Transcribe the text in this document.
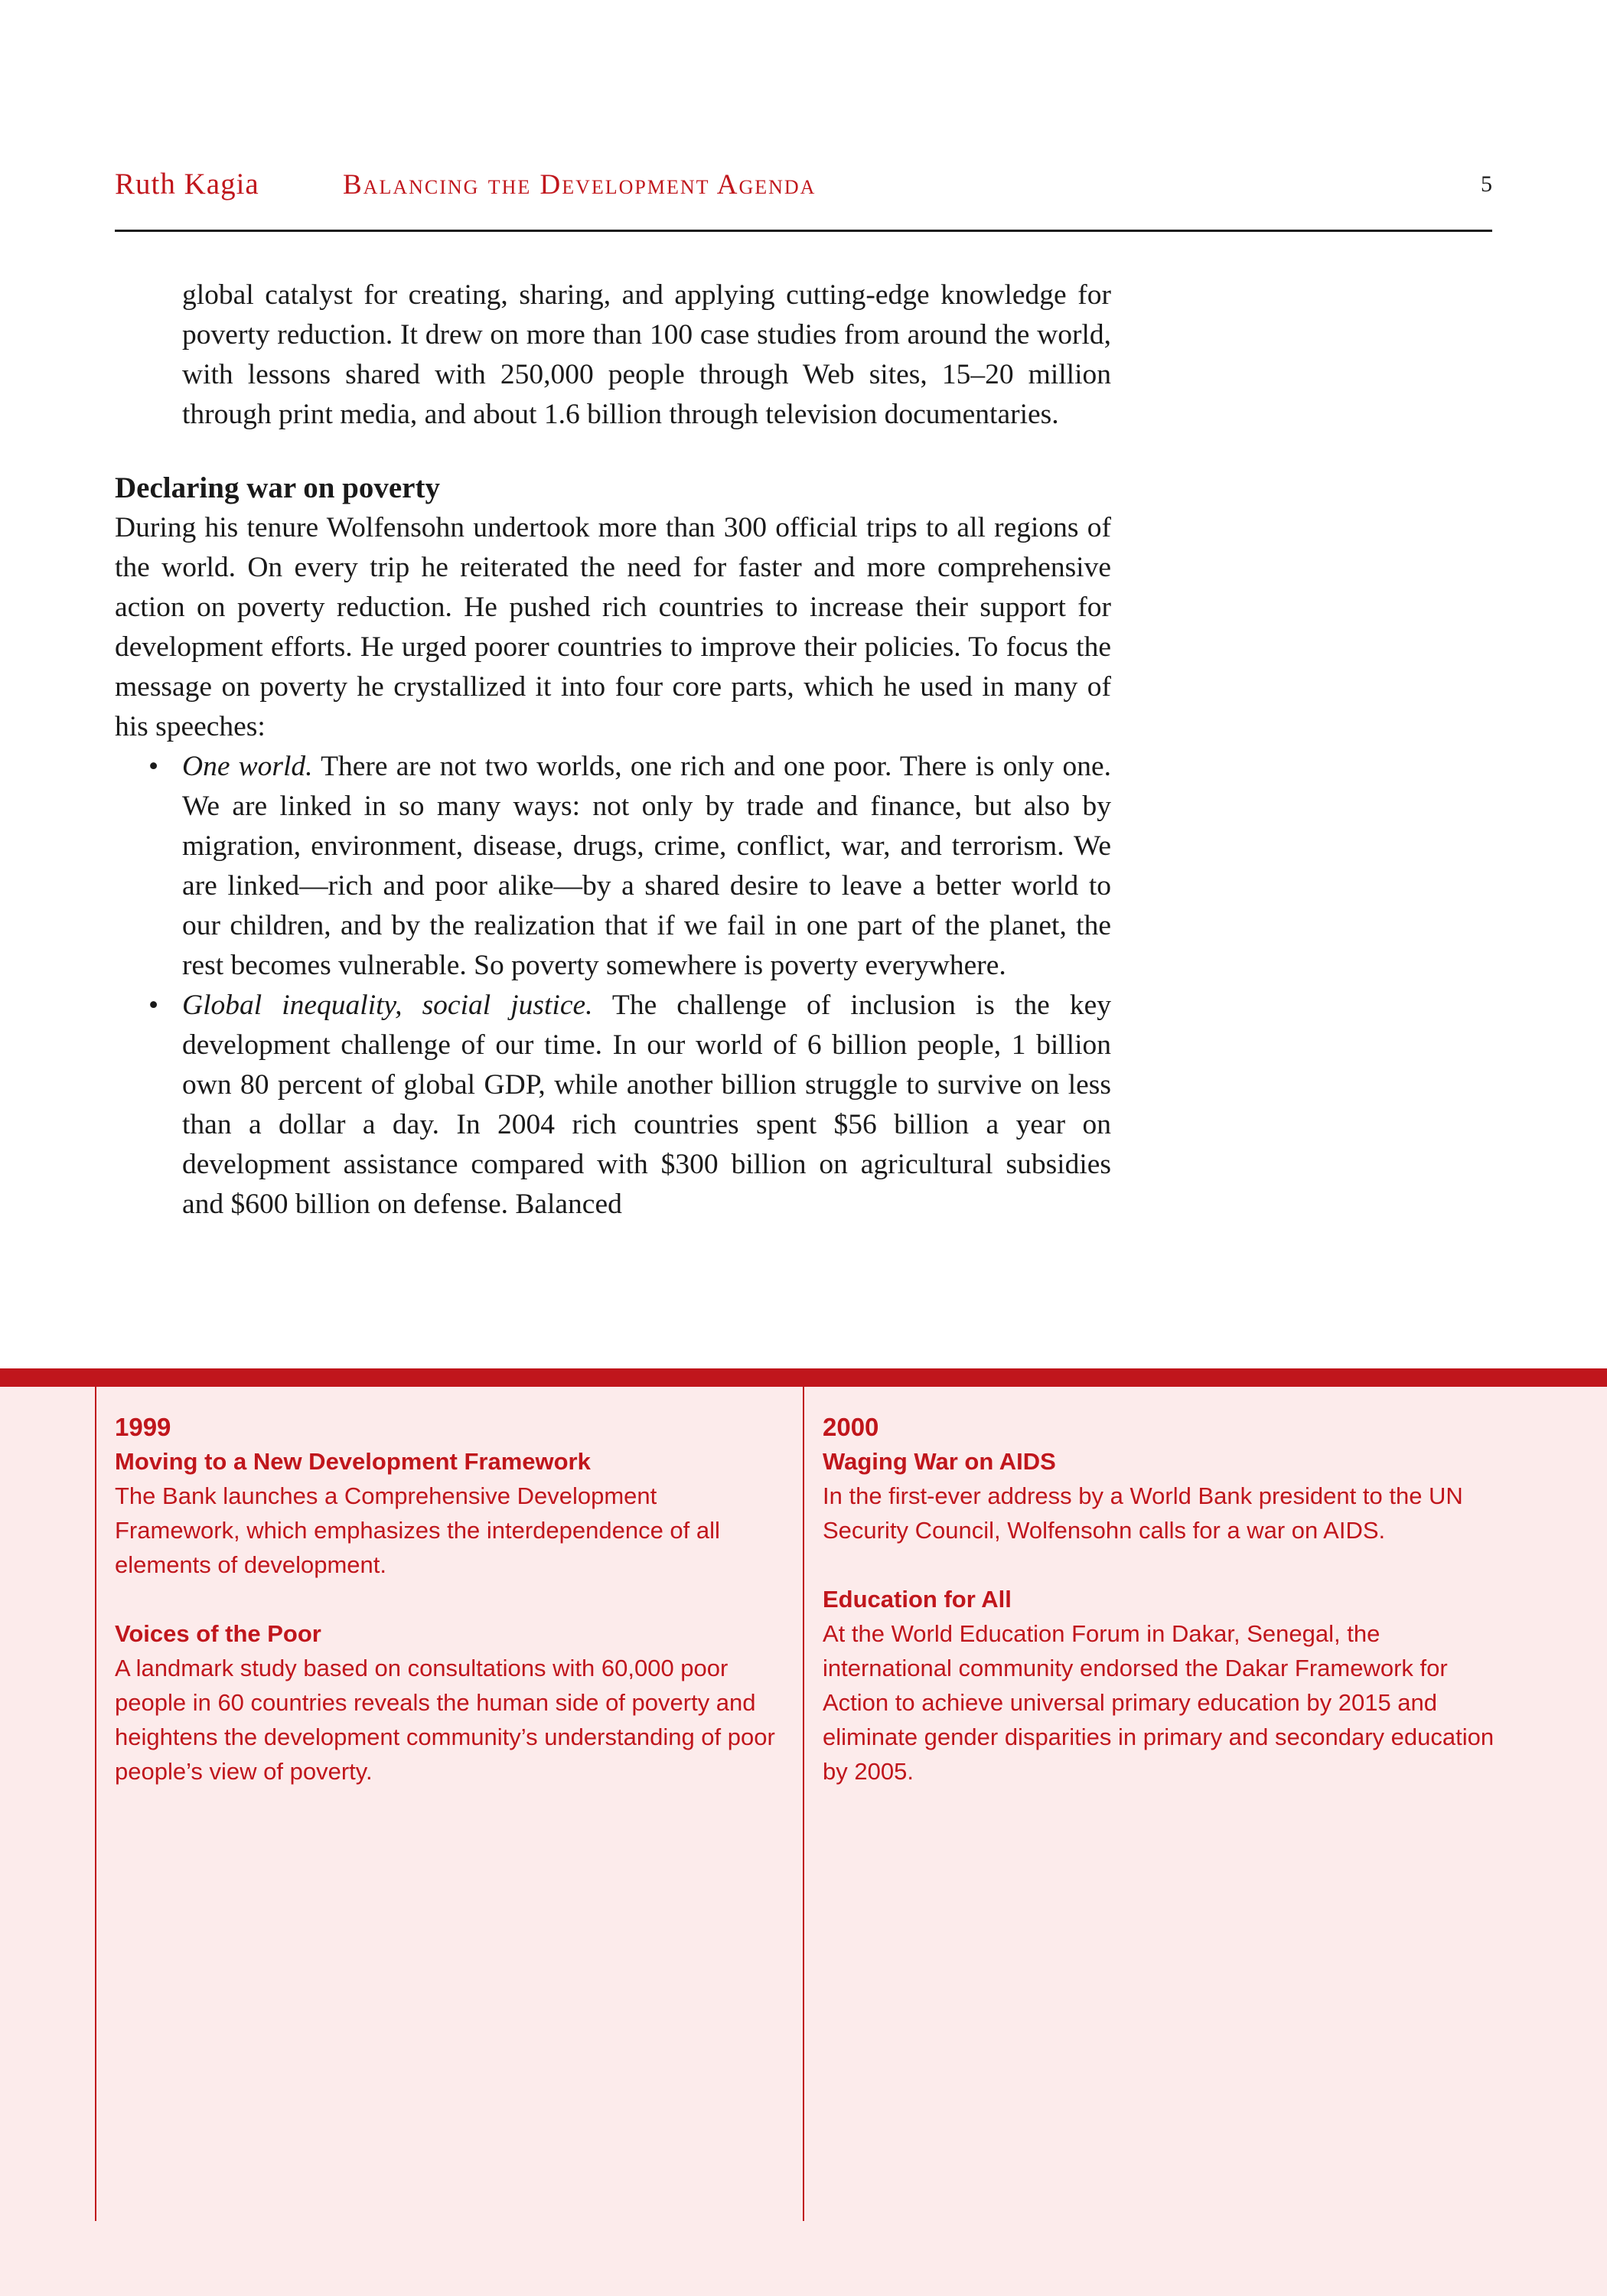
Ruth Kagia	Balancing the Development Agenda	5

global catalyst for creating, sharing, and applying cutting-edge knowledge for poverty reduction. It drew on more than 100 case studies from around the world, with lessons shared with 250,000 people through Web sites, 15–20 million through print media, and about 1.6 billion through television documentaries.

Declaring war on poverty

During his tenure Wolfensohn undertook more than 300 official trips to all regions of the world. On every trip he reiterated the need for faster and more comprehensive action on poverty reduction. He pushed rich countries to increase their support for development efforts. He urged poorer countries to improve their policies. To focus the message on poverty he crystallized it into four core parts, which he used in many of his speeches:

• One world. There are not two worlds, one rich and one poor. There is only one. We are linked in so many ways: not only by trade and finance, but also by migration, environment, disease, drugs, crime, conflict, war, and terrorism. We are linked—rich and poor alike—by a shared desire to leave a better world to our children, and by the realization that if we fail in one part of the planet, the rest becomes vulnerable. So poverty somewhere is poverty everywhere.
• Global inequality, social justice. The challenge of inclusion is the key development challenge of our time. In our world of 6 billion people, 1 billion own 80 percent of global GDP, while another billion struggle to survive on less than a dollar a day. In 2004 rich countries spent $56 billion a year on development assistance compared with $300 billion on agricultural subsidies and $600 billion on defense. Balanced

1999

Moving to a New Development Framework

The Bank launches a Comprehensive Development Framework, which emphasizes the interdependence of all elements of development.

Voices of the Poor

A landmark study based on consultations with 60,000 poor people in 60 countries reveals the human side of poverty and heightens the development community’s understanding of poor people’s view of poverty.

2000

Waging War on AIDS

In the first-ever address by a World Bank president to the UN Security Council, Wolfensohn calls for a war on AIDS.

Education for All

At the World Education Forum in Dakar, Senegal, the international community endorsed the Dakar Framework for Action to achieve universal primary education by 2015 and eliminate gender disparities in primary and secondary education by 2005.
